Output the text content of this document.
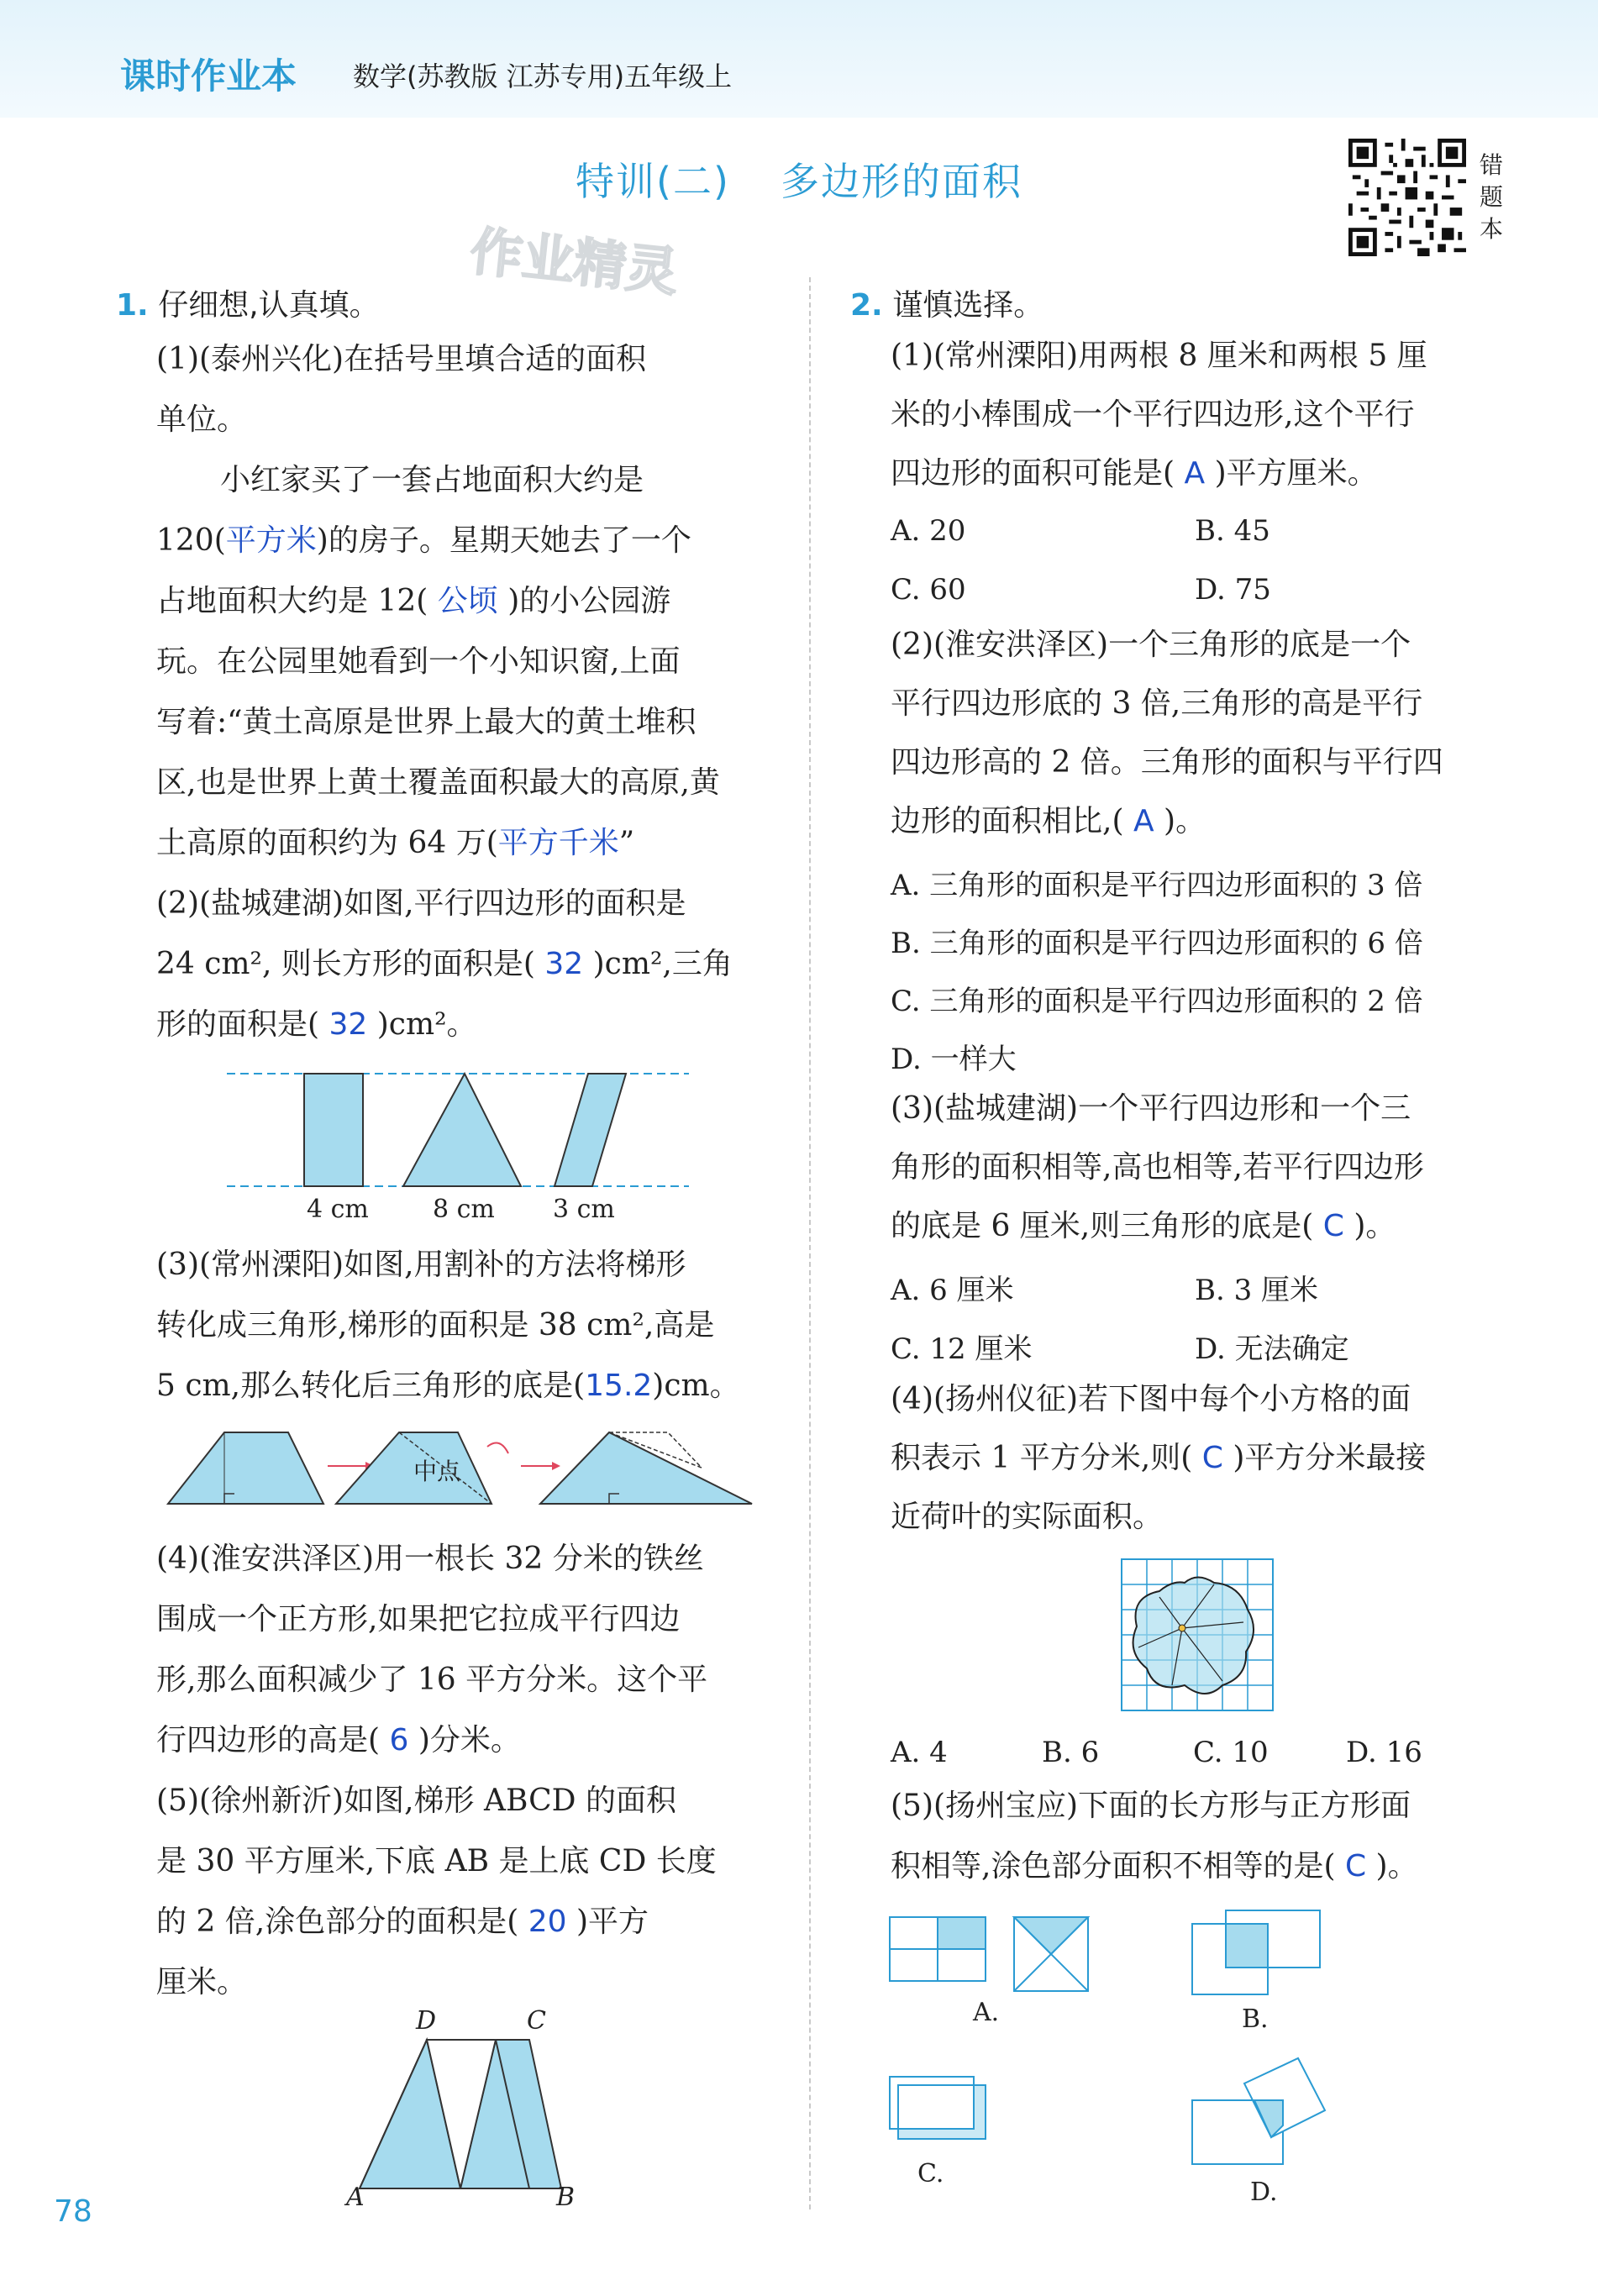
课时作业本 数学(苏教版 江苏专用)五年级上
特训(二) 多边形的面积	错
题
本
作业精灵
1. 仔细想,认真填。
(1)(泰州兴化)在括号里填合适的面积
单位。
小红家买了一套占地面积大约是
120(平方米)的房子。星期天她去了一个
占地面积大约是 12( 公顷 )的小公园游
玩。在公园里她看到一个小知识窗,上面
写着:“黄土高原是世界上最大的黄土堆积
区,也是世界上黄土覆盖面积最大的高原,黄
土高原的面积约为 64 万(平方千米”
(2)(盐城建湖)如图,平行四边形的面积是
24 cm², 则长方形的面积是( 32 )cm²,三角
形的面积是( 32 )cm²。
4 cm	8 cm 3 cm
(3)(常州溧阳)如图,用割补的方法将梯形
转化成三角形,梯形的面积是 38 cm²,高是
5 cm,那么转化后三角形的底是(15.2)cm。
中点
(4)(淮安洪泽区)用一根长 32 分米的铁丝
围成一个正方形,如果把它拉成平行四边
形,那么面积减少了 16 平方分米。这个平
行四边形的高是( 6 )分米。
(5)(徐州新沂)如图,梯形 ABCD 的面积
是 30 平方厘米,下底 AB 是上底 CD 长度
的 2 倍,涂色部分的面积是( 20 )平方
厘米。
D	C
A	B
2. 谨慎选择。
(1)(常州溧阳)用两根 8 厘米和两根 5 厘
米的小棒围成一个平行四边形,这个平行
四边形的面积可能是( A )平方厘米。
A. 20	B. 45
C. 60	D. 75
(2)(淮安洪泽区)一个三角形的底是一个
平行四边形底的 3 倍,三角形的高是平行
四边形高的 2 倍。三角形的面积与平行四
边形的面积相比,( A )。
A. 三角形的面积是平行四边形面积的 3 倍
B. 三角形的面积是平行四边形面积的 6 倍
C. 三角形的面积是平行四边形面积的 2 倍
D. 一样大
(3)(盐城建湖)一个平行四边形和一个三
角形的面积相等,高也相等,若平行四边形
的底是 6 厘米,则三角形的底是( C )。
A. 6 厘米	B. 3 厘米
C. 12 厘米	D. 无法确定
(4)(扬州仪征)若下图中每个小方格的面
积表示 1 平方分米,则( C )平方分米最接
近荷叶的实际面积。
A. 4	B. 6	C. 10	D. 16
(5)(扬州宝应)下面的长方形与正方形面
积相等,涂色部分面积不相等的是( C )。
A.	B.
C.
D.
78
